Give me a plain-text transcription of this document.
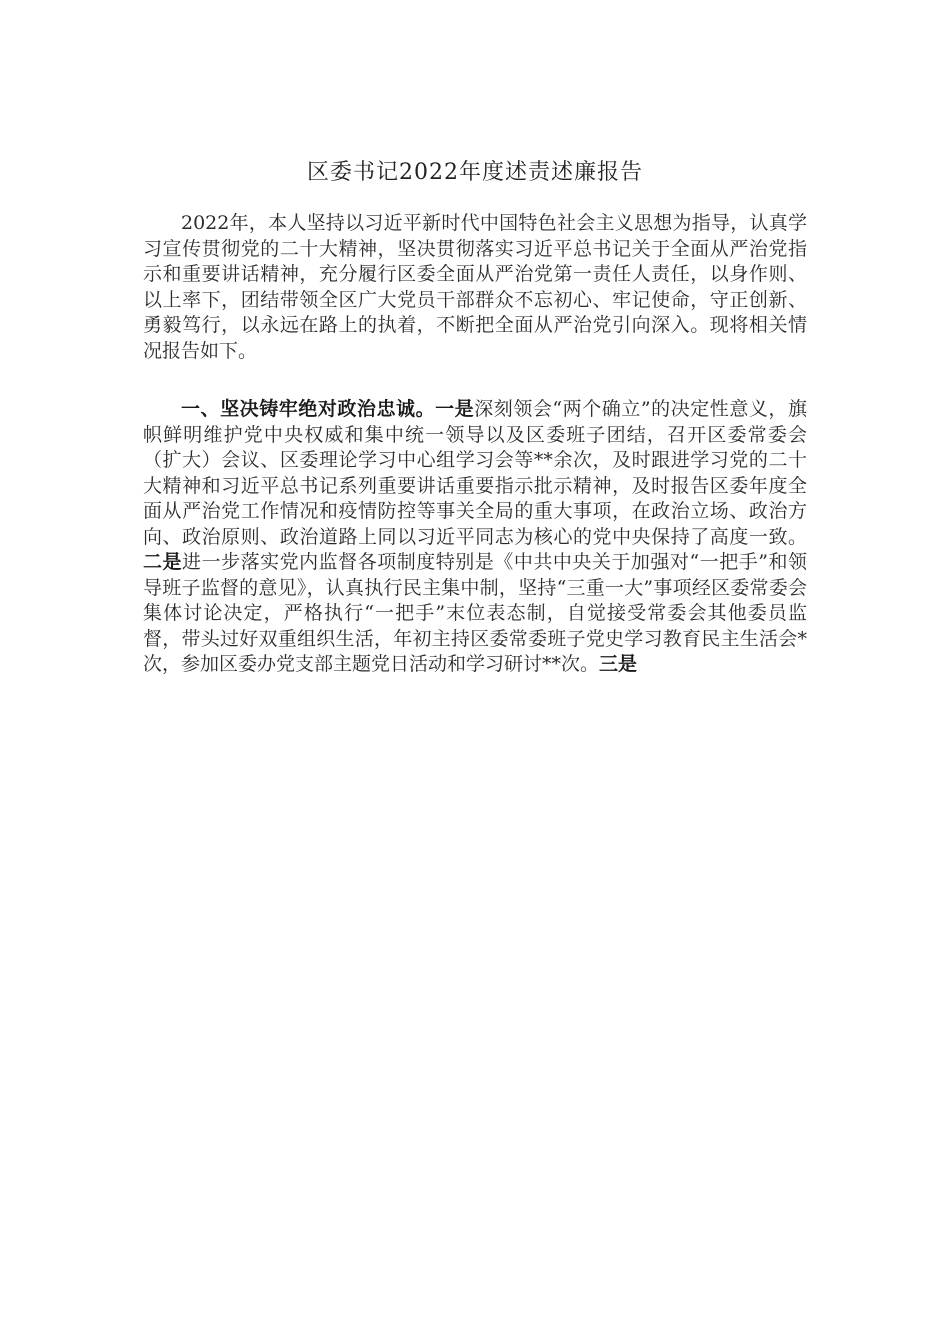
区委书记2022年度述责述廉报告

2022年，本人坚持以习近平新时代中国特色社会主义思想为指导，认真学习宣传贯彻党的二十大精神，坚决贯彻落实习近平总书记关于全面从严治党指示和重要讲话精神，充分履行区委全面从严治党第一责任人责任，以身作则、以上率下，团结带领全区广大党员干部群众不忘初心、牢记使命，守正创新、勇毅笃行，以永远在路上的执着，不断把全面从严治党引向深入。现将相关情况报告如下。

一、坚决铸牢绝对政治忠诚。一是深刻领会“两个确立”的决定性意义，旗帜鲜明维护党中央权威和集中统一领导以及区委班子团结，召开区委常委会（扩大）会议、区委理论学习中心组学习会等**余次，及时跟进学习党的二十大精神和习近平总书记系列重要讲话重要指示批示精神，及时报告区委年度全面从严治党工作情况和疫情防控等事关全局的重大事项，在政治立场、政治方向、政治原则、政治道路上同以习近平同志为核心的党中央保持了高度一致。二是进一步落实党内监督各项制度特别是《中共中央关于加强对“一把手”和领导班子监督的意见》，认真执行民主集中制，坚持“三重一大”事项经区委常委会集体讨论决定，严格执行“一把手”末位表态制，自觉接受常委会其他委员监督，带头过好双重组织生活，年初主持区委常委班子党史学习教育民主生活会*次，参加区委办党支部主题党日活动和学习研讨**次。三是
